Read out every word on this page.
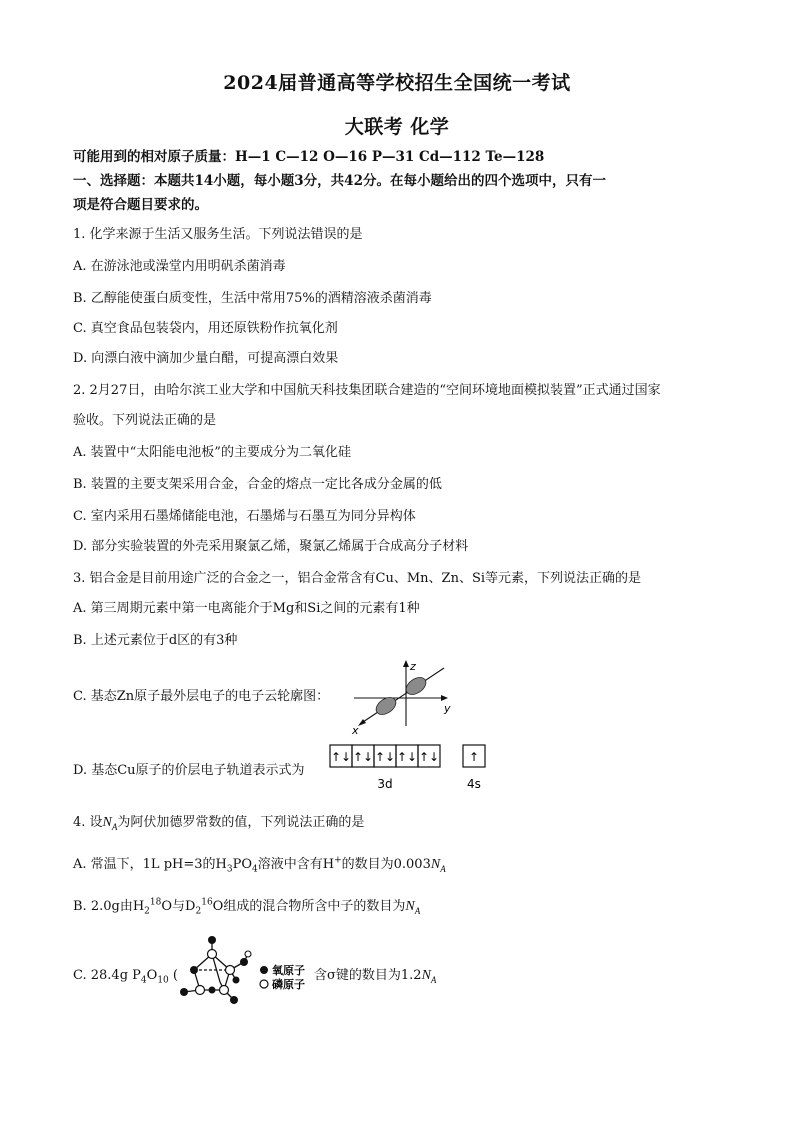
2024届普通高等学校招生全国统一考试
大联考 化学
可能用到的相对原子质量：H—1 C—12 O—16 P—31 Cd—112 Te—128
一、选择题：本题共14小题，每小题3分，共42分。在每小题给出的四个选项中，只有一
项是符合题目要求的。
1. 化学来源于生活又服务生活。下列说法错误的是
A. 在游泳池或澡堂内用明矾杀菌消毒
B. 乙醇能使蛋白质变性，生活中常用75%的酒精溶液杀菌消毒
C. 真空食品包装袋内，用还原铁粉作抗氧化剂
D. 向漂白液中滴加少量白醋，可提高漂白效果
2. 2月27日，由哈尔滨工业大学和中国航天科技集团联合建造的“空间环境地面模拟装置”正式通过国家
验收。下列说法正确的是
A. 装置中“太阳能电池板”的主要成分为二氧化硅
B. 装置的主要支架采用合金，合金的熔点一定比各成分金属的低
C. 室内采用石墨烯储能电池，石墨烯与石墨互为同分异构体
D. 部分实验装置的外壳采用聚氯乙烯，聚氯乙烯属于合成高分子材料
3. 铝合金是目前用途广泛的合金之一，铝合金常含有Cu、Mn、Zn、Si等元素，下列说法正确的是
A. 第三周期元素中第一电离能介于Mg和Si之间的元素有1种
B. 上述元素位于d区的有3种
C. 基态Zn原子最外层电子的电子云轮廓图：
z
y
x
D. 基态Cu原子的价层电子轨道表示式为
↑↓ ↑↓ ↑↓ ↑↓ ↑↓ ↑
3d	4s
4. 设$N_A$为阿伏加德罗常数的值，下列说法正确的是
A. 常温下，1L pH=3的$H_3PO_4$溶液中含有H+的数目为$0.003N_A$
B. 2.0g由$H_2^{18}O$与$D_2^{16}O$组成的混合物所含中子的数目为$N_A$
C. 28.4g $P_4O_{10}$ (	氧原子
磷原子
含σ键的数目为$1.2N_A$
